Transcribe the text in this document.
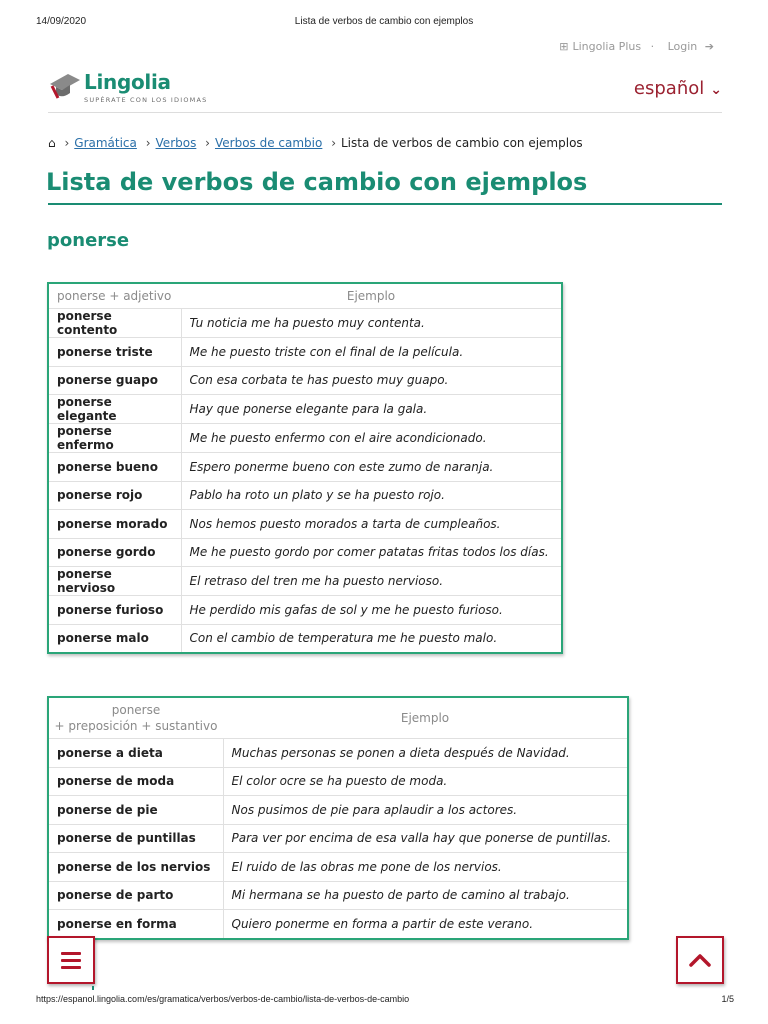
14/09/2020	Lista de verbos de cambio con ejemplos
⊞ Lingolia Plus · Login ➔
Lingolia
SUPÉRATE CON LOS IDIOMAS
español ⌄
⌂ › Gramática › Verbos › Verbos de cambio › Lista de verbos de cambio con ejemplos
Lista de verbos de cambio con ejemplos
ponerse
ponerse + adjetivo	Ejemplo
ponerse contento	Tu noticia me ha puesto muy contenta.
ponerse triste	Me he puesto triste con el final de la película.
ponerse guapo	Con esa corbata te has puesto muy guapo.
ponerse elegante	Hay que ponerse elegante para la gala.
ponerse enfermo	Me he puesto enfermo con el aire acondicionado.
ponerse bueno	Espero ponerme bueno con este zumo de naranja.
ponerse rojo	Pablo ha roto un plato y se ha puesto rojo.
ponerse morado	Nos hemos puesto morados a tarta de cumpleaños.
ponerse gordo	Me he puesto gordo por comer patatas fritas todos los días.
ponerse nervioso	El retraso del tren me ha puesto nervioso.
ponerse furioso	He perdido mis gafas de sol y me he puesto furioso.
ponerse malo	Con el cambio de temperatura me he puesto malo.
ponerse
+ preposición + sustantivo	Ejemplo
ponerse a dieta	Muchas personas se ponen a dieta después de Navidad.
ponerse de moda	El color ocre se ha puesto de moda.
ponerse de pie	Nos pusimos de pie para aplaudir a los actores.
ponerse de puntillas	Para ver por encima de esa valla hay que ponerse de puntillas.
ponerse de los nervios	El ruido de las obras me pone de los nervios.
ponerse de parto	Mi hermana se ha puesto de parto de camino al trabajo.
ponerse en forma	Quiero ponerme en forma a partir de este verano.
https://espanol.lingolia.com/es/gramatica/verbos/verbos-de-cambio/lista-de-verbos-de-cambio	1/5
